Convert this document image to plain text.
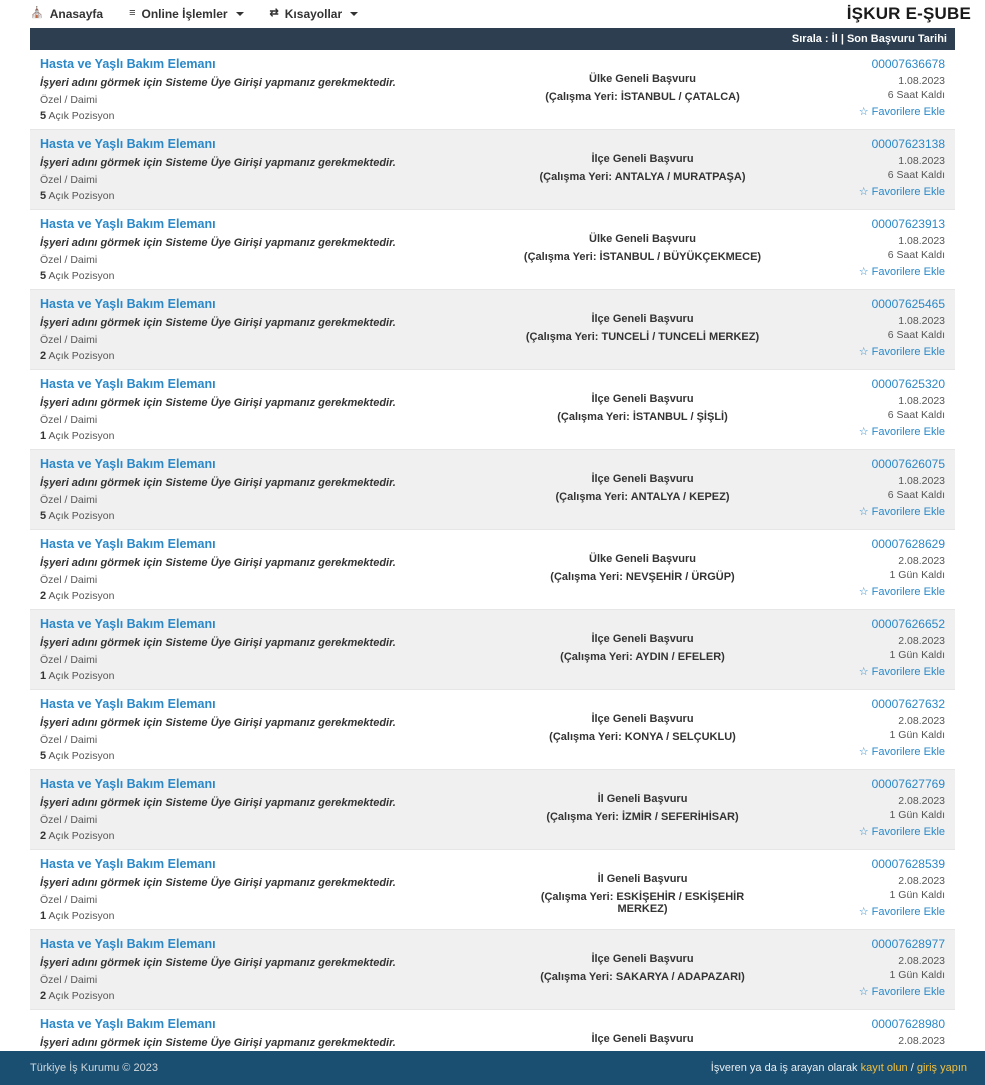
⛪ Anasayfa ≡ Online İşlemler	⇄ Kısayollar	İŞKUR E-ŞUBE
Sırala : İl | Son Başvuru Tarihi
Hasta ve Yaşlı Bakım Elemanı
İşyeri adını görmek için Sisteme Üye Girişi yapmanız gerekmektedir.
Özel / Daimi
5 Açık Pozisyon
Ülke Geneli Başvuru
(Çalışma Yeri: İSTANBUL / ÇATALCA)
00007636678
1.08.2023
6 Saat Kaldı
☆ Favorilere Ekle
Hasta ve Yaşlı Bakım Elemanı
İşyeri adını görmek için Sisteme Üye Girişi yapmanız gerekmektedir.
Özel / Daimi
5 Açık Pozisyon
İlçe Geneli Başvuru
(Çalışma Yeri: ANTALYA / MURATPAŞA)
00007623138
1.08.2023
6 Saat Kaldı
☆ Favorilere Ekle
Hasta ve Yaşlı Bakım Elemanı
İşyeri adını görmek için Sisteme Üye Girişi yapmanız gerekmektedir.
Özel / Daimi
5 Açık Pozisyon
Ülke Geneli Başvuru
(Çalışma Yeri: İSTANBUL / BÜYÜKÇEKMECE)
00007623913
1.08.2023
6 Saat Kaldı
☆ Favorilere Ekle
Hasta ve Yaşlı Bakım Elemanı
İşyeri adını görmek için Sisteme Üye Girişi yapmanız gerekmektedir.
Özel / Daimi
2 Açık Pozisyon
İlçe Geneli Başvuru
(Çalışma Yeri: TUNCELİ / TUNCELİ MERKEZ)
00007625465
1.08.2023
6 Saat Kaldı
☆ Favorilere Ekle
Hasta ve Yaşlı Bakım Elemanı
İşyeri adını görmek için Sisteme Üye Girişi yapmanız gerekmektedir.
Özel / Daimi
1 Açık Pozisyon
İlçe Geneli Başvuru
(Çalışma Yeri: İSTANBUL / ŞİŞLİ)
00007625320
1.08.2023
6 Saat Kaldı
☆ Favorilere Ekle
Hasta ve Yaşlı Bakım Elemanı
İşyeri adını görmek için Sisteme Üye Girişi yapmanız gerekmektedir.
Özel / Daimi
5 Açık Pozisyon
İlçe Geneli Başvuru
(Çalışma Yeri: ANTALYA / KEPEZ)
00007626075
1.08.2023
6 Saat Kaldı
☆ Favorilere Ekle
Hasta ve Yaşlı Bakım Elemanı
İşyeri adını görmek için Sisteme Üye Girişi yapmanız gerekmektedir.
Özel / Daimi
2 Açık Pozisyon
Ülke Geneli Başvuru
(Çalışma Yeri: NEVŞEHİR / ÜRGÜP)
00007628629
2.08.2023
1 Gün Kaldı
☆ Favorilere Ekle
Hasta ve Yaşlı Bakım Elemanı
İşyeri adını görmek için Sisteme Üye Girişi yapmanız gerekmektedir.
Özel / Daimi
1 Açık Pozisyon
İlçe Geneli Başvuru
(Çalışma Yeri: AYDIN / EFELER)
00007626652
2.08.2023
1 Gün Kaldı
☆ Favorilere Ekle
Hasta ve Yaşlı Bakım Elemanı
İşyeri adını görmek için Sisteme Üye Girişi yapmanız gerekmektedir.
Özel / Daimi
5 Açık Pozisyon
İlçe Geneli Başvuru
(Çalışma Yeri: KONYA / SELÇUKLU)
00007627632
2.08.2023
1 Gün Kaldı
☆ Favorilere Ekle
Hasta ve Yaşlı Bakım Elemanı
İşyeri adını görmek için Sisteme Üye Girişi yapmanız gerekmektedir.
Özel / Daimi
2 Açık Pozisyon
İl Geneli Başvuru
(Çalışma Yeri: İZMİR / SEFERİHİSAR)
00007627769
2.08.2023
1 Gün Kaldı
☆ Favorilere Ekle
Hasta ve Yaşlı Bakım Elemanı
İşyeri adını görmek için Sisteme Üye Girişi yapmanız gerekmektedir.
Özel / Daimi
1 Açık Pozisyon
İl Geneli Başvuru
(Çalışma Yeri: ESKİŞEHİR / ESKİŞEHİR MERKEZ)
00007628539
2.08.2023
1 Gün Kaldı
☆ Favorilere Ekle
Hasta ve Yaşlı Bakım Elemanı
İşyeri adını görmek için Sisteme Üye Girişi yapmanız gerekmektedir.
Özel / Daimi
2 Açık Pozisyon
İlçe Geneli Başvuru
(Çalışma Yeri: SAKARYA / ADAPAZARI)
00007628977
2.08.2023
1 Gün Kaldı
☆ Favorilere Ekle
Hasta ve Yaşlı Bakım Elemanı
İşyeri adını görmek için Sisteme Üye Girişi yapmanız gerekmektedir.	İlçe Geneli Başvuru
00007628980
2.08.2023
Türkiye İş Kurumu © 2023	İşveren ya da iş arayan olarak kayıt olun / giriş yapın
